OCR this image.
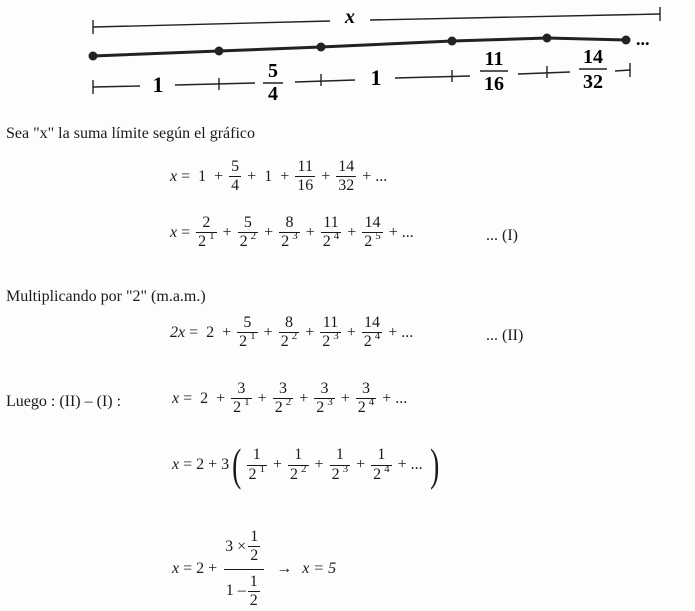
x
...
1
5
4
1
11
16
14
32
Sea "x" la suma límite según el gráfico
$x = 1 + \frac{5}{4} + 1 + \frac{11}{16} + \frac{14}{32}$ + ...
$x = \frac{2}{2 ^1} + \frac{5}{2 ^2} + \frac{8}{2 ^3} + \frac{11}{2 ^4} + \frac{14}{2 ^5}$ + ...	... (I)
Multiplicando por "2" (m.a.m.)
$2x = 2 + \frac{5}{2 ^1} + \frac{8}{2 ^2} + \frac{11}{2 ^3} + \frac{14}{2 ^4}$ + ...	... (II)
Luego : (II) – (I) :	$x = 2 + \frac{3}{2 ^1} + \frac{3}{2 ^2} + \frac{3}{2 ^3} + \frac{3}{2 ^4}$ + ...
x = 2 + 3 ( $\frac{1}{2 ^1} + \frac{1}{2 ^2} + \frac{1}{2 ^3} + \frac{1}{2 ^4}$ + ... )
$x = 2 + \frac{3 \times \frac{1}{2}}{1 - \frac{1}{2}} \to x = 5$
